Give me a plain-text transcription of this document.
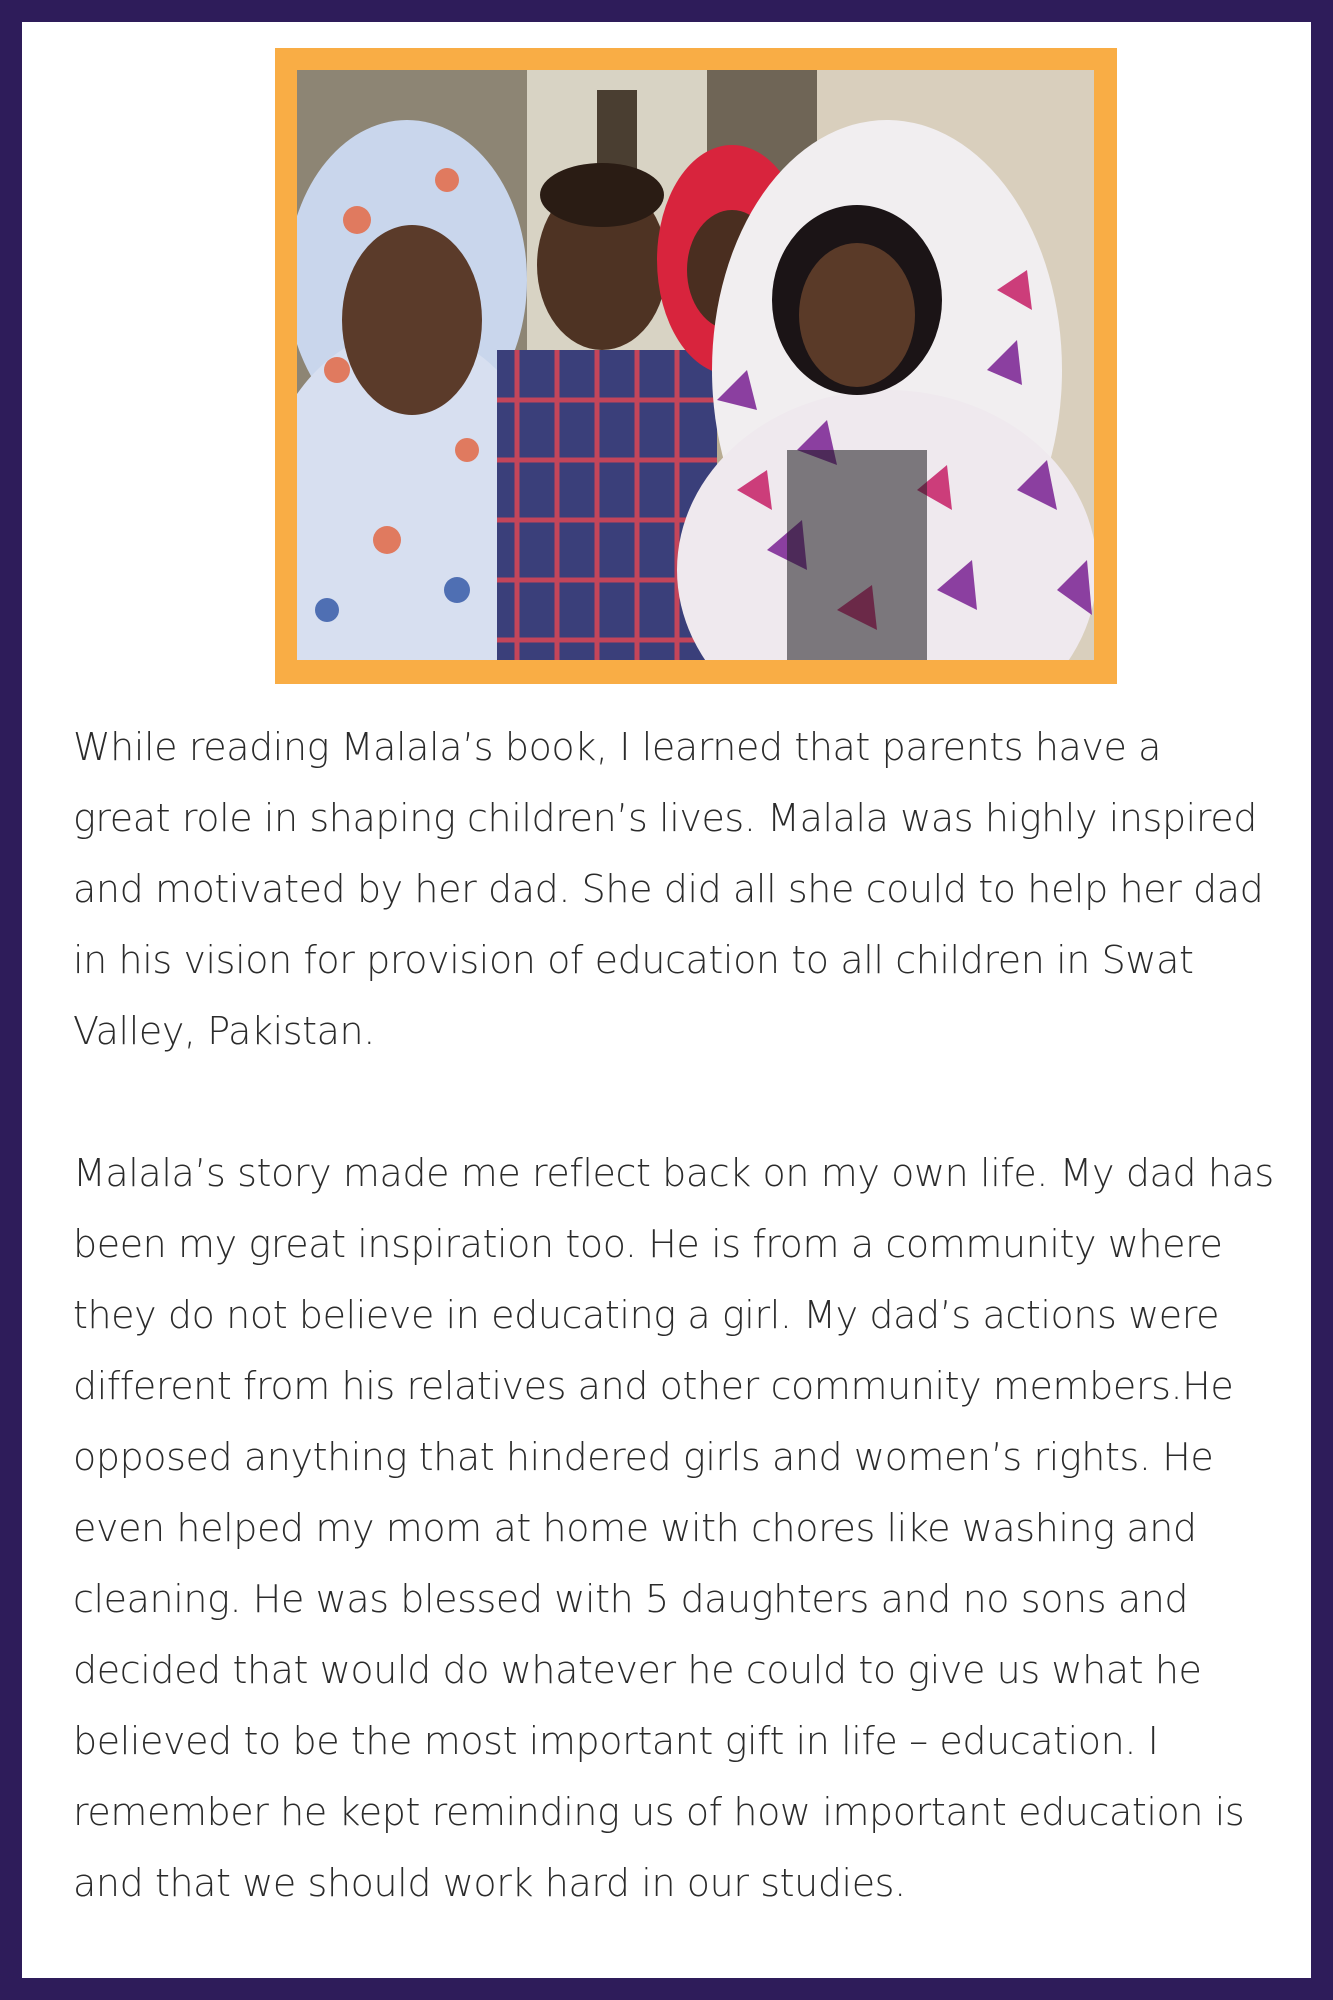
While reading Malala’s book, I learned that parents have a
great role in shaping children’s lives. Malala was highly inspired
and motivated by her dad. She did all she could to help her dad
in his vision for provision of education to all children in Swat
Valley, Pakistan.
Malala’s story made me reflect back on my own life. My dad has
been my great inspiration too. He is from a community where
they do not believe in educating a girl. My dad’s actions were
different from his relatives and other community members.He
opposed anything that hindered girls and women’s rights. He
even helped my mom at home with chores like washing and
cleaning. He was blessed with 5 daughters and no sons and
decided that would do whatever he could to give us what he
believed to be the most important gift in life – education. I
remember he kept reminding us of how important education is
and that we should work hard in our studies.
